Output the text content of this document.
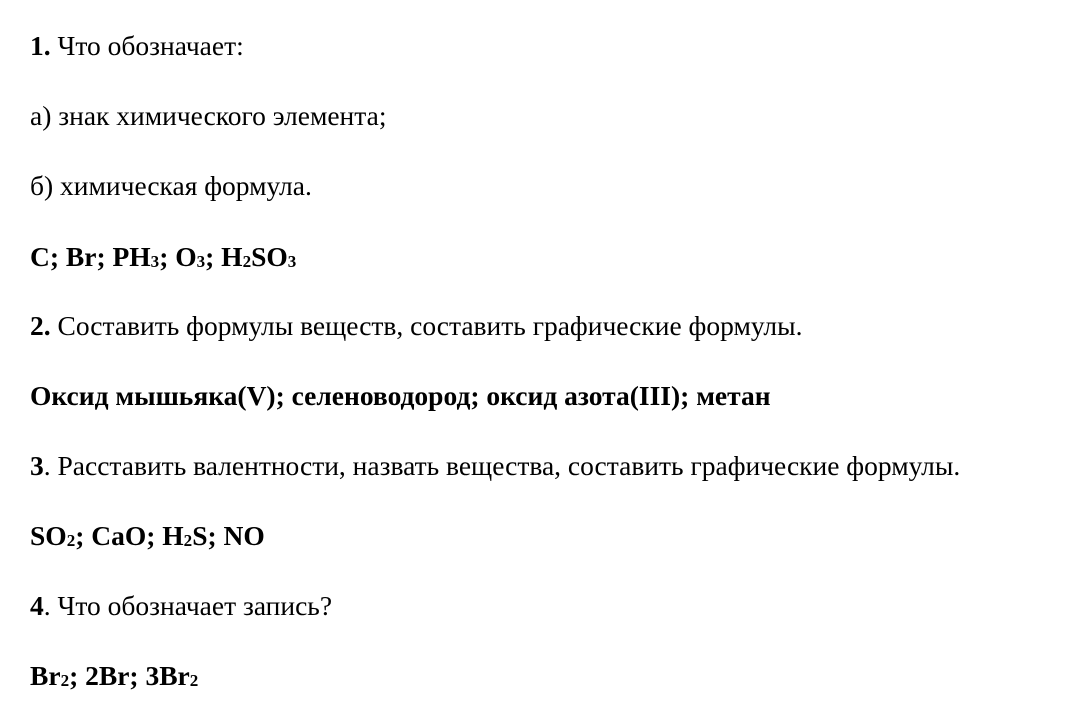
1. Что обозначает:
а) знак химического элемента;
б) химическая формула.
C; Br; PH3; O3; H2SO3
2. Составить формулы веществ, составить графические формулы.
Оксид мышьяка(V); селеноводород; оксид азота(III); метан
3. Расставить валентности, назвать вещества, составить графические формулы.
SO2; CaO; H2S; NO
4. Что обозначает запись?
Br2; 2Br; 3Br2
